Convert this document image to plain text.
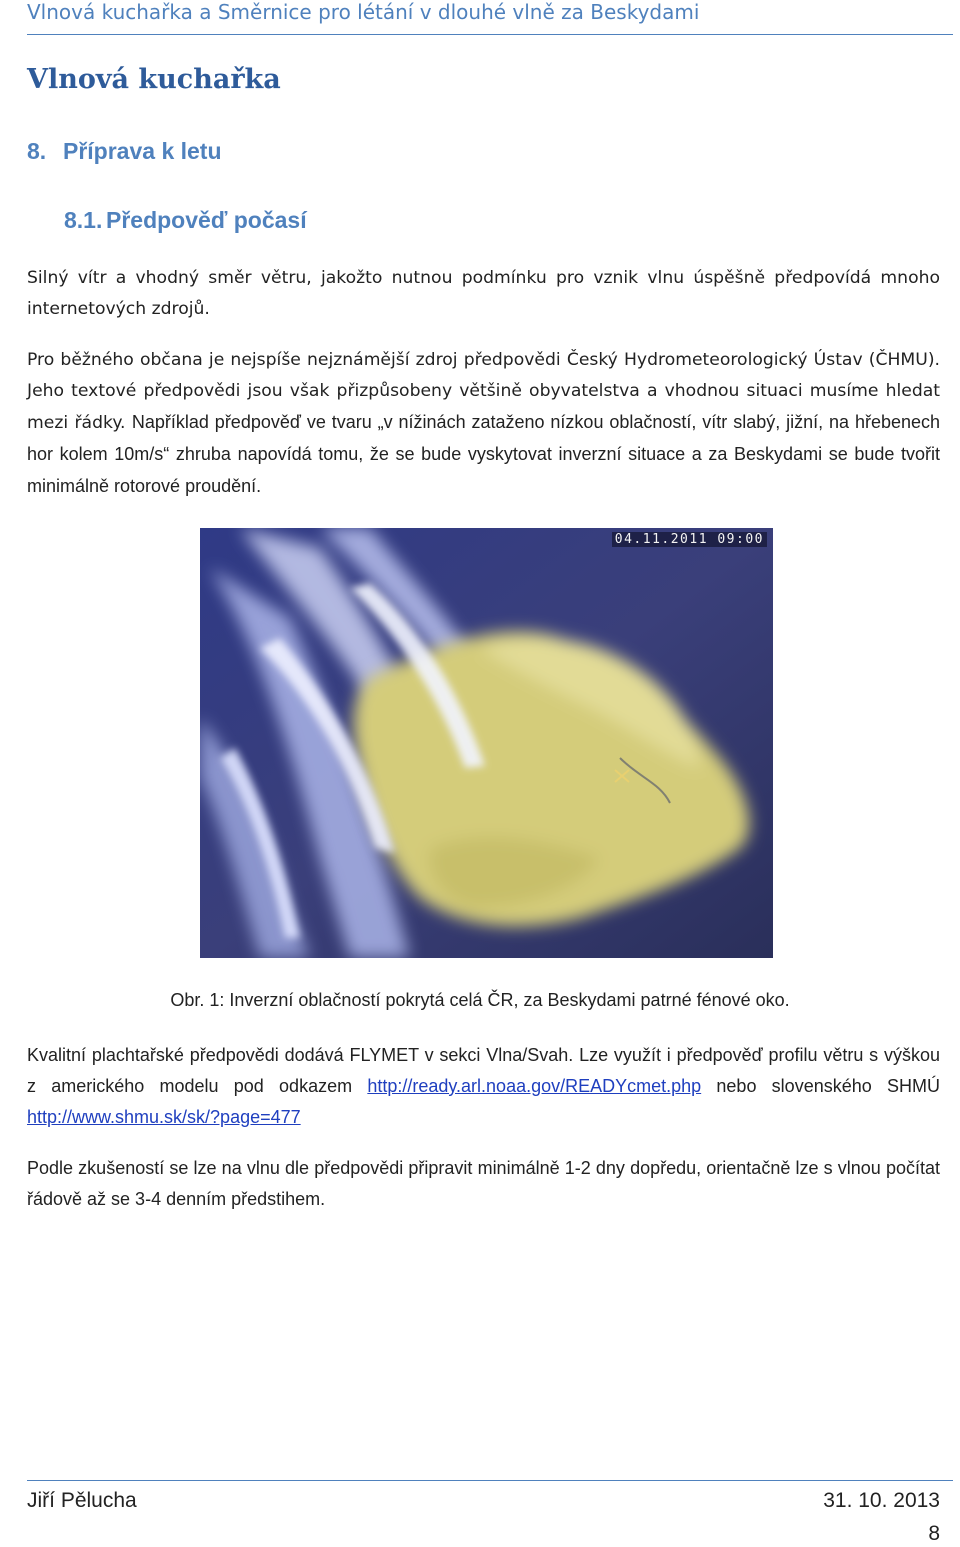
Vlnová kuchařka a Směrnice pro létání v dlouhé vlně za Beskydami
Vlnová kuchařka
8. Příprava k letu
8.1. Předpověď počasí

Silný vítr a vhodný směr větru, jakožto nutnou podmínku pro vznik vlnu úspěšně předpovídá mnoho internetových zdrojů.

Pro běžného občana je nejspíše nejznámější zdroj předpovědi Český Hydrometeorologický Ústav (ČHMU). Jeho textové předpovědi jsou však přizpůsobeny většině obyvatelstva a vhodnou situaci musíme hledat mezi řádky. Například předpověď ve tvaru „v nížinách zataženo nízkou oblačností, vítr slabý, jižní, na hřebenech hor kolem 10m/s“ zhruba napovídá tomu, že se bude vyskytovat inverzní situace a za Beskydami se bude tvořit minimálně rotorové proudění.

04.11.2011 09:00

Obr. 1: Inverzní oblačností pokrytá celá ČR, za Beskydami patrné fénové oko.

Kvalitní plachtařské předpovědi dodává FLYMET v sekci Vlna/Svah. Lze využít i předpověď profilu větru s výškou z amerického modelu pod odkazem http://ready.arl.noaa.gov/READYcmet.php nebo slovenského SHMÚ http://www.shmu.sk/sk/?page=477

Podle zkušeností se lze na vlnu dle předpovědi připravit minimálně 1-2 dny dopředu, orientačně lze s vlnou počítat řádově až se 3-4 denním předstihem.

Jiří Pělucha	31. 10. 2013
8
